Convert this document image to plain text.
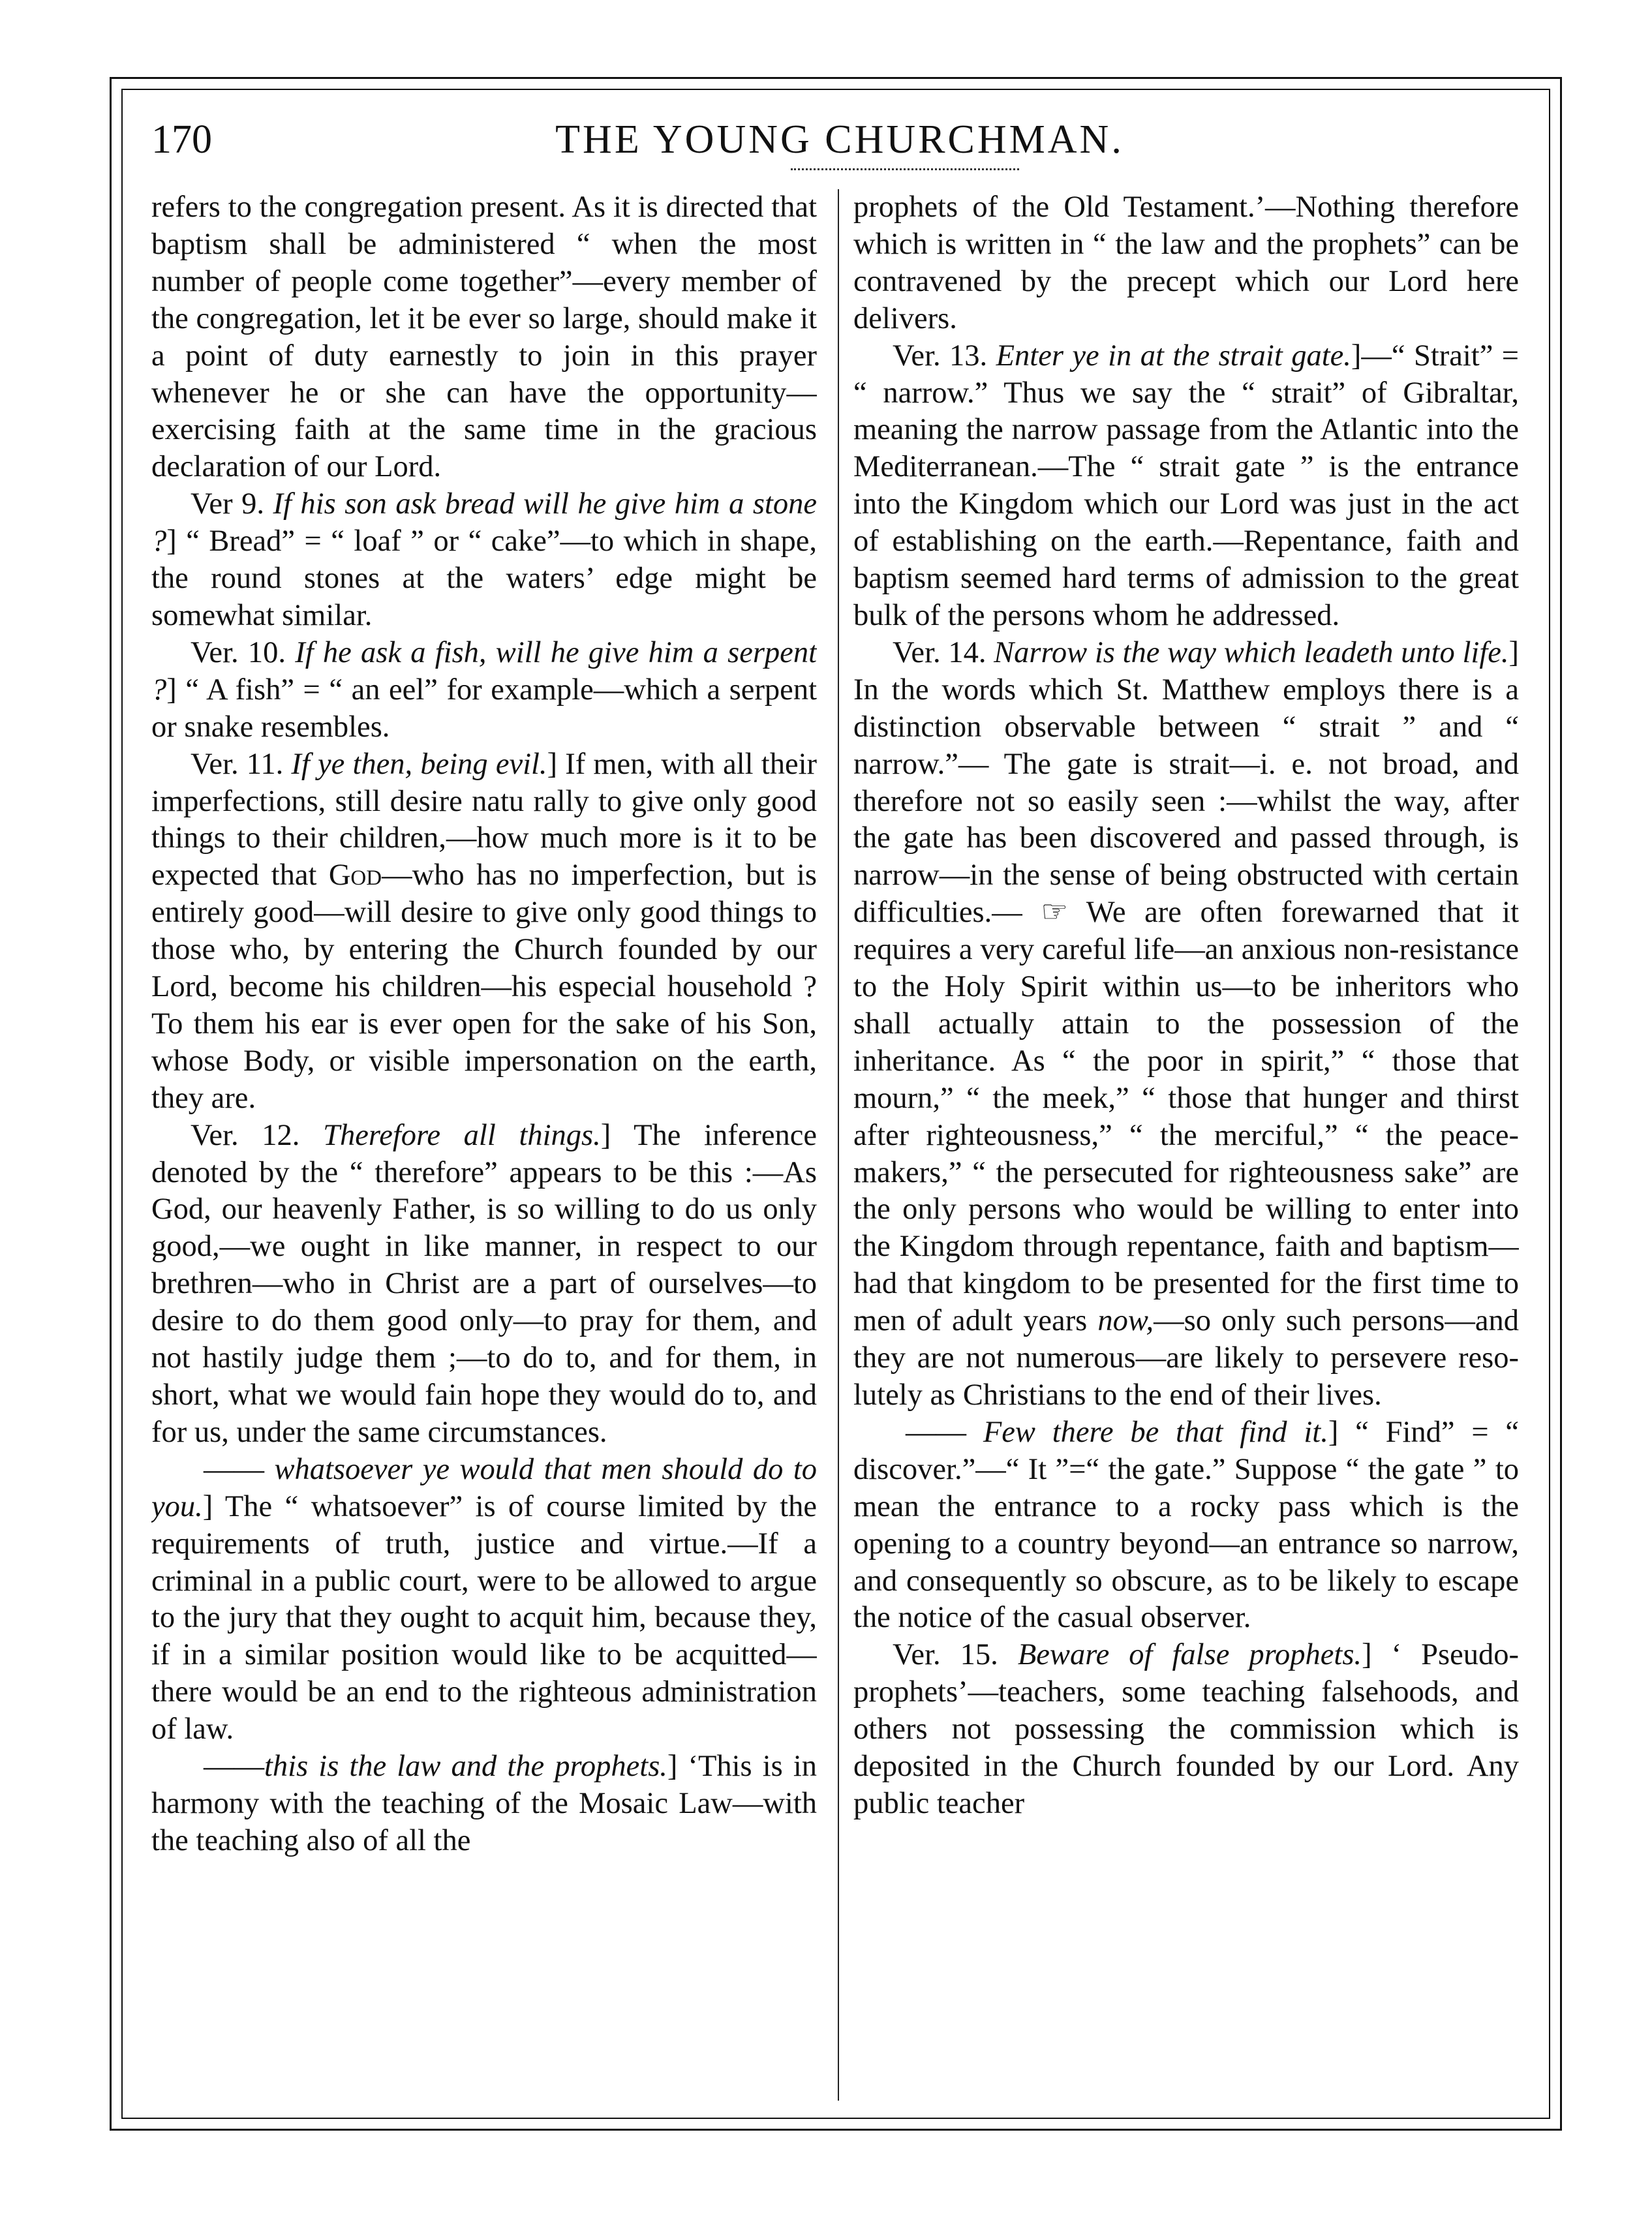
170	THE YOUNG CHURCHMAN.

refers to the congregation present. As it is directed that baptism shall be administered “ when the most number of people come together”—every member of the congregation, let it be ever so large, should make it a point of duty earnestly to join in this prayer whenever he or she can have the opportunity—exercising faith at the same time in the gracious declaration of our Lord.

Ver 9. If his son ask bread will he give him a stone ?] “ Bread” = “ loaf ” or “ cake”—to which in shape, the round stones at the waters’ edge might be somewhat similar.

Ver. 10. If he ask a fish, will he give him a serpent ?] “ A fish” = “ an eel” for example—which a serpent or snake resembles.

Ver. 11. If ye then, being evil.] If men, with all their imperfections, still desire natu rally to give only good things to their children,—how much more is it to be expected that God—who has no imperfection, but is entirely good—will desire to give only good things to those who, by entering the Church founded by our Lord, become his children—his especial household ? To them his ear is ever open for the sake of his Son, whose Body, or visible impersonation on the earth, they are.

Ver. 12. Therefore all things.] The inference denoted by the “ therefore” appears to be this :—As God, our heavenly Father, is so willing to do us only good,—we ought in like manner, in respect to our brethren—who in Christ are a part of ourselves—to desire to do them good only—to pray for them, and not hastily judge them ;—to do to, and for them, in short, what we would fain hope they would do to, and for us, under the same circumstances.

—— whatsoever ye would that men should do to you.] The “ whatsoever” is of course limited by the requirements of truth, justice and virtue.—If a criminal in a public court, were to be allowed to argue to the jury that they ought to acquit him, because they, if in a similar position would like to be acquitted—there would be an end to the righteous administration of law.

——this is the law and the prophets.] ‘This is in harmony with the teaching of the Mosaic Law—with the teaching also of all the

prophets of the Old Testament.’—Nothing therefore which is written in “ the law and the prophets” can be contravened by the precept which our Lord here delivers.

Ver. 13. Enter ye in at the strait gate.]—“ Strait” = “ narrow.” Thus we say the “ strait” of Gibraltar, meaning the narrow passage from the Atlantic into the Mediterranean.—The “ strait gate ” is the entrance into the Kingdom which our Lord was just in the act of establishing on the earth.—Repentance, faith and baptism seemed hard terms of admission to the great bulk of the persons whom he addressed.

Ver. 14. Narrow is the way which leadeth unto life.] In the words which St. Matthew employs there is a distinction observable between “ strait ” and “ narrow.”— The gate is strait—i. e. not broad, and therefore not so easily seen :—whilst the way, after the gate has been discovered and passed through, is narrow—in the sense of being obstructed with certain difficulties.— ☞ We are often forewarned that it requires a very careful life—an anxious non-resistance to the Holy Spirit within us—to be inheritors who shall actually attain to the possession of the inheritance. As “ the poor in spirit,” “ those that mourn,” “ the meek,” “ those that hunger and thirst after righteousness,” “ the merciful,” “ the peace-makers,” “ the persecuted for righteousness sake” are the only persons who would be willing to enter into the Kingdom through repentance, faith and baptism—had that kingdom to be presented for the first time to men of adult years now,—so only such persons—and they are not numerous—are likely to persevere resolutely as Christians to the end of their lives.

—— Few there be that find it.] “ Find” = “ discover.”—“ It ”=“ the gate.” Suppose “ the gate ” to mean the entrance to a rocky pass which is the opening to a country beyond—an entrance so narrow, and consequently so obscure, as to be likely to escape the notice of the casual observer.

Ver. 15. Beware of false prophets.] ‘ Pseudo-prophets’—teachers, some teaching falsehoods, and others not possessing the commission which is deposited in the Church founded by our Lord. Any public teacher
